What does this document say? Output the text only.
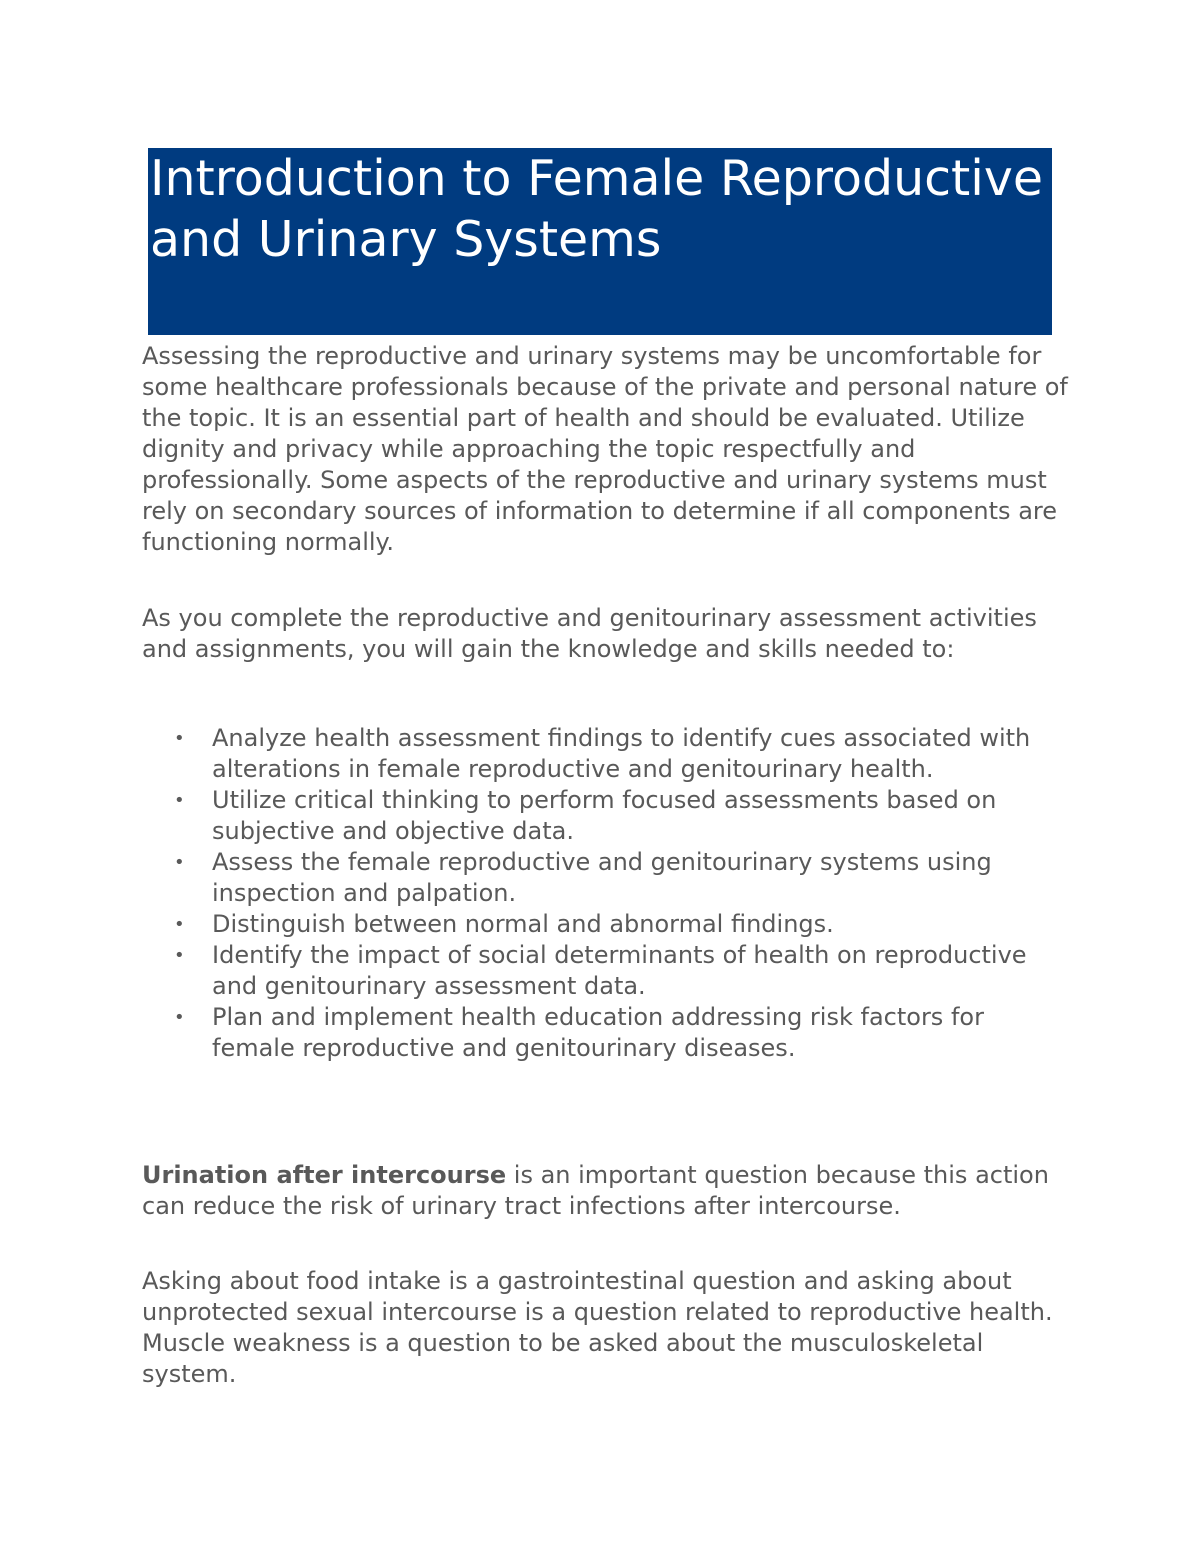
Introduction to Female Reproductive and Urinary Systems

Assessing the reproductive and urinary systems may be uncomfortable for some healthcare professionals because of the private and personal nature of the topic. It is an essential part of health and should be evaluated. Utilize dignity and privacy while approaching the topic respectfully and professionally. Some aspects of the reproductive and urinary systems must rely on secondary sources of information to determine if all components are functioning normally.

As you complete the reproductive and genitourinary assessment activities and assignments, you will gain the knowledge and skills needed to:

• Analyze health assessment findings to identify cues associated with alterations in female reproductive and genitourinary health.
• Utilize critical thinking to perform focused assessments based on subjective and objective data.
• Assess the female reproductive and genitourinary systems using inspection and palpation.
• Distinguish between normal and abnormal findings.
• Identify the impact of social determinants of health on reproductive and genitourinary assessment data.
• Plan and implement health education addressing risk factors for female reproductive and genitourinary diseases.

Urination after intercourse is an important question because this action can reduce the risk of urinary tract infections after intercourse.

Asking about food intake is a gastrointestinal question and asking about unprotected sexual intercourse is a question related to reproductive health. Muscle weakness is a question to be asked about the musculoskeletal system.
